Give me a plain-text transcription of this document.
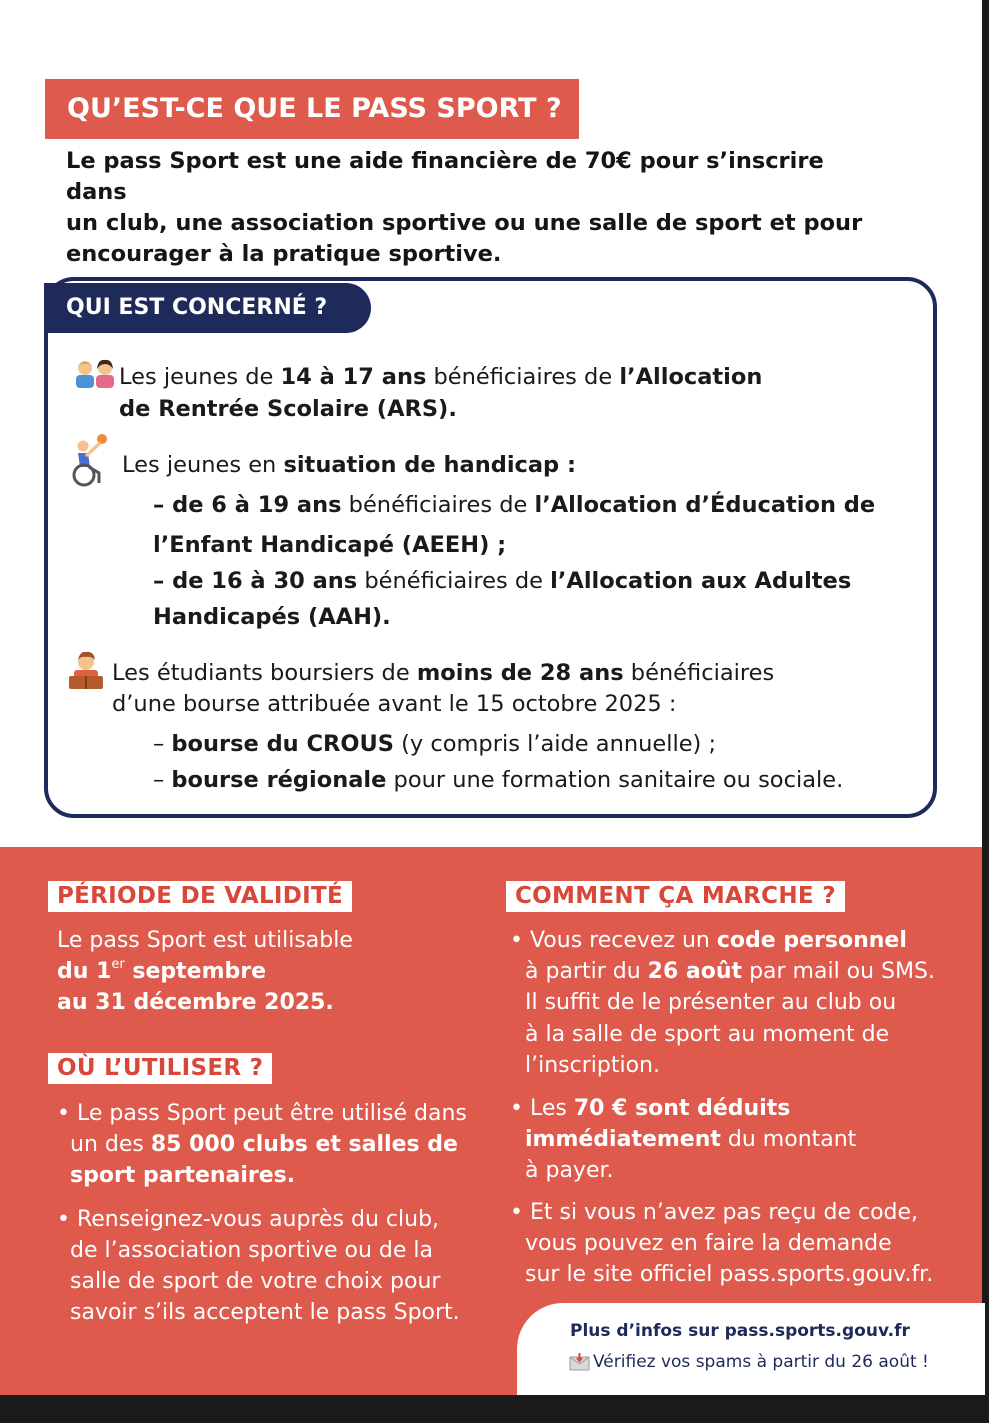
QU’EST-CE QUE LE PASS SPORT ?
Le pass Sport est une aide financière de 70€ pour s’inscrire dans
un club, une association sportive ou une salle de sport et pour
encourager à la pratique sportive.
QUI EST CONCERNÉ ?
Les jeunes de 14 à 17 ans bénéficiaires de l’Allocation
de Rentrée Scolaire (ARS).
Les jeunes en situation de handicap :
– de 6 à 19 ans bénéficiaires de l’Allocation d’Éducation de
l’Enfant Handicapé (AEEH) ;
– de 16 à 30 ans bénéficiaires de l’Allocation aux Adultes
Handicapés (AAH).
Les étudiants boursiers de moins de 28 ans bénéficiaires
d’une bourse attribuée avant le 15 octobre 2025 :
– bourse du CROUS (y compris l’aide annuelle) ;
– bourse régionale pour une formation sanitaire ou sociale.
PÉRIODE DE VALIDITÉ
Le pass Sport est utilisable
du 1er septembre
au 31 décembre 2025.
OÙ L’UTILISER ?
• Le pass Sport peut être utilisé dans
un des 85 000 clubs et salles de
sport partenaires.
• Renseignez-vous auprès du club,
de l’association sportive ou de la
salle de sport de votre choix pour
savoir s’ils acceptent le pass Sport.
COMMENT ÇA MARCHE ?
• Vous recevez un code personnel
à partir du 26 août par mail ou SMS.
Il suffit de le présenter au club ou
à la salle de sport au moment de
l’inscription.
• Les 70 € sont déduits
immédiatement du montant
à payer.
• Et si vous n’avez pas reçu de code,
vous pouvez en faire la demande
sur le site officiel pass.sports.gouv.fr.
Plus d’infos sur pass.sports.gouv.fr
Vérifiez vos spams à partir du 26 août !
